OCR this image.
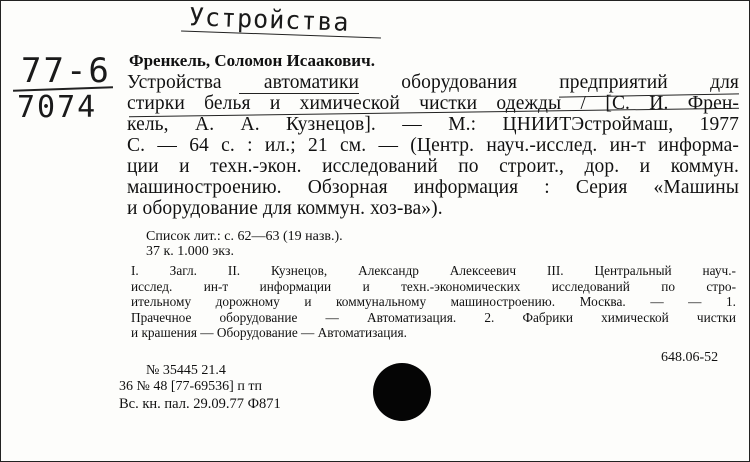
Устройства
77-6
7074
Френкель, Соломон Исаакович.
Устройства автоматики оборудования предприятий для
стирки белья и химической чистки одежды / [С. И. Френ-
кель, А. А. Кузнецов]. — М.: ЦНИИТЭстроймаш, 1977
С. — 64 с. : ил.; 21 см. — (Центр. науч.-исслед. ин-т информа-
ции и техн.-экон. исследований по строит., дор. и коммун.
машиностроению. Обзорная информация : Серия «Машины
и оборудование для коммун. хоз-ва»).
Список лит.: с. 62—63 (19 назв.).
37 к. 1.000 экз.
I. Загл. II. Кузнецов, Александр Алексеевич III. Центральный науч.-
исслед. ин-т информации и техн.-экономических исследований по стро-
ительному дорожному и коммунальному машиностроению. Москва. — — 1.
Прачечное оборудование — Автоматизация. 2. Фабрики химической чистки
и крашения — Оборудование — Автоматизация.
648.06-52
№ 35445 21.4
36 № 48 [77-69536] п тп
Вс. кн. пал. 29.09.77 Ф871
